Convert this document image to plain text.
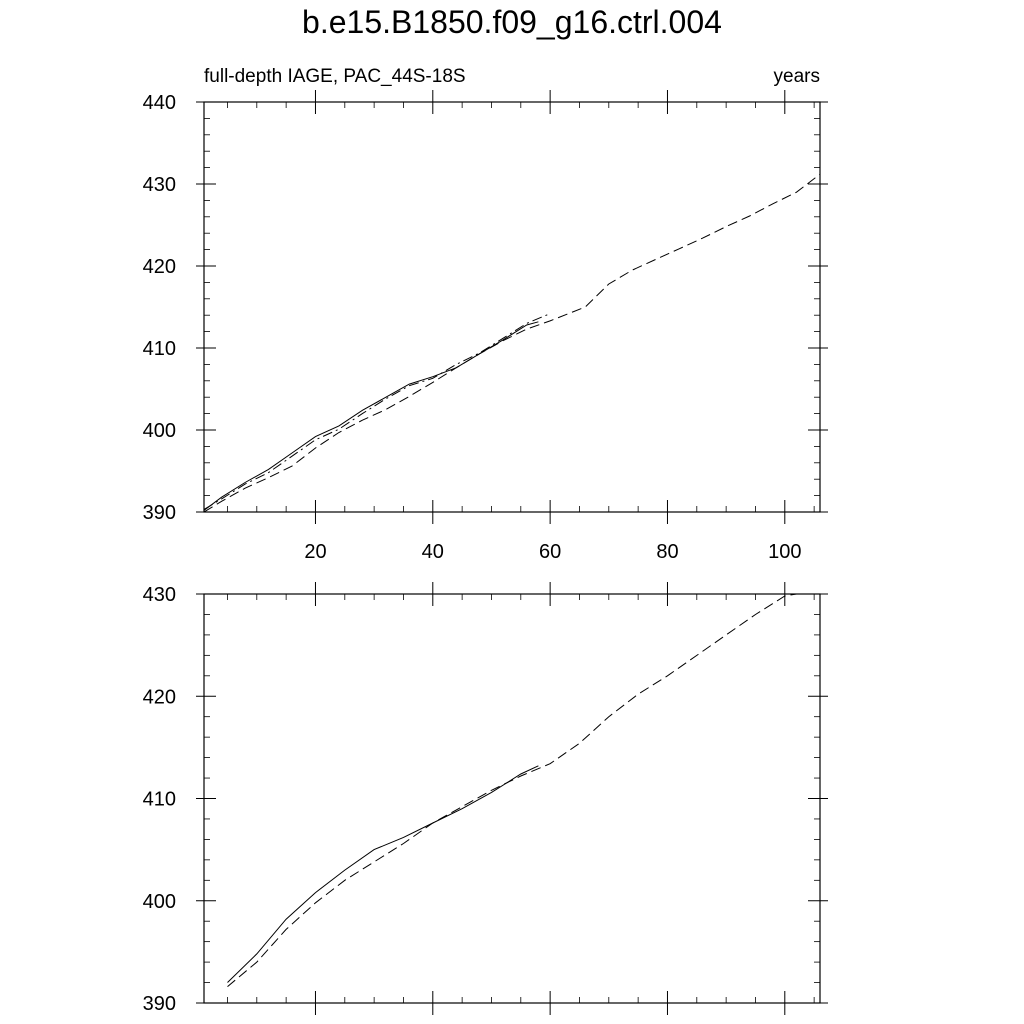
b.e15.B1850.f09_g16.ctrl.004
full-depth IAGE, PAC_44S-18S	years
20	40	60	80	100
390
400
410
420
430
440
390
400
410
420
430
